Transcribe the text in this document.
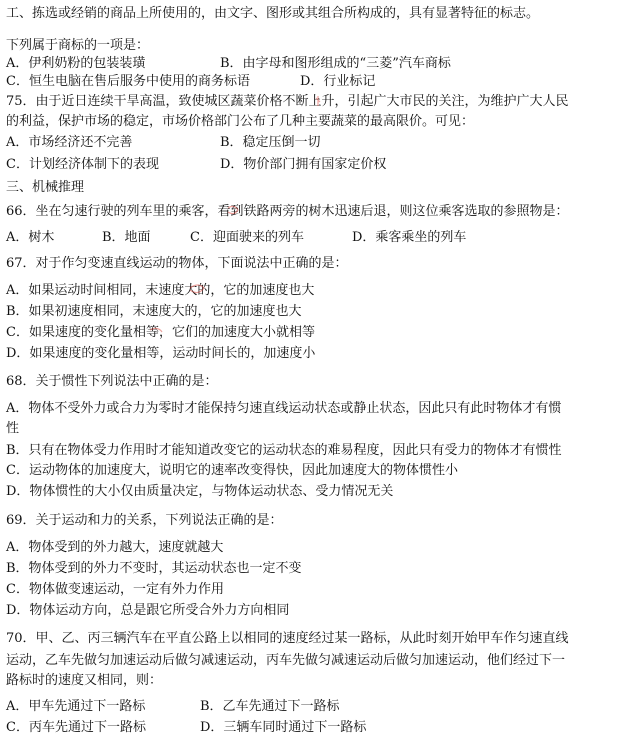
工、拣选或经销的商品上所使用的，由文字、图形或其组合所构成的，具有显著特征的标志。
下列属于商标的一项是：
A．伊利奶粉的包装装璜	B．由字母和图形组成的“三菱”汽车商标
C．恒生电脑在售后服务中使用的商务标语	D．行业标记
75．由于近日连续干旱高温，致使城区蔬菜价格不断上升，引起广大市民的关注，为维护广大人民
的利益，保护市场的稳定，市场价格部门公布了几种主要蔬菜的最高限价。可见：
A．市场经济还不完善	B．稳定压倒一切
C．计划经济体制下的表现	D．物价部门拥有国家定价权
三、机械推理
66．坐在匀速行驶的列车里的乘客，看到铁路两旁的树木迅速后退，则这位乘客选取的参照物是：
A．树木	B．地面	C．迎面驶来的列车	D．乘客乘坐的列车
67．对于作匀变速直线运动的物体，下面说法中正确的是：
A．如果运动时间相同，末速度大的，它的加速度也大
B．如果初速度相同，末速度大的，它的加速度也大
C．如果速度的变化量相等，它们的加速度大小就相等
D．如果速度的变化量相等，运动时间长的，加速度小
68．关于惯性下列说法中正确的是：
A．物体不受外力或合力为零时才能保持匀速直线运动状态或静止状态，因此只有此时物体才有惯
性
B．只有在物体受力作用时才能知道改变它的运动状态的难易程度，因此只有受力的物体才有惯性
C．运动物体的加速度大，说明它的速率改变得快，因此加速度大的物体惯性小
D．物体惯性的大小仅由质量决定，与物体运动状态、受力情况无关
69．关于运动和力的关系，下列说法正确的是：
A．物体受到的外力越大，速度就越大
B．物体受到的外力不变时，其运动状态也一定不变
C．物体做变速运动，一定有外力作用
D．物体运动方向，总是跟它所受合外力方向相同
70．甲、乙、丙三辆汽车在平直公路上以相同的速度经过某一路标，从此时刻开始甲车作匀速直线
运动，乙车先做匀加速运动后做匀减速运动，丙车先做匀减速运动后做匀加速运动，他们经过下一
路标时的速度又相同，则：
A．甲车先通过下一路标	B．乙车先通过下一路标
C．丙车先通过下一路标	D．三辆车同时通过下一路标
